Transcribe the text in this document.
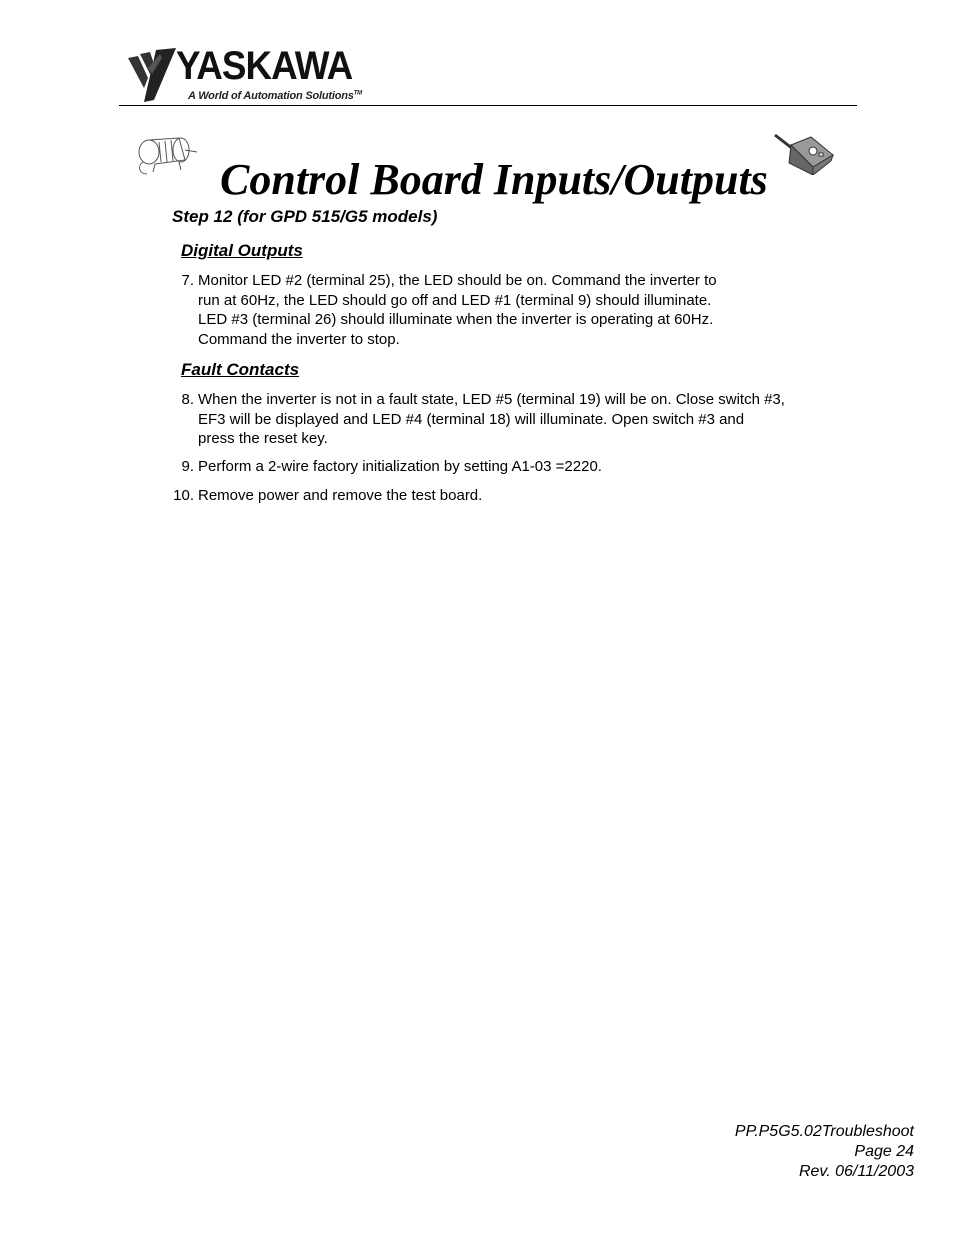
YASKAWA
A World of Automation Solutions™
Control Board Inputs/Outputs
Step 12 (for GPD 515/G5 models)
Digital Outputs
7. Monitor LED #2 (terminal 25), the LED should be on. Command the inverter to
run at 60Hz, the LED should go off and LED #1 (terminal 9) should illuminate.
LED #3 (terminal 26) should illuminate when the inverter is operating at 60Hz.
Command the inverter to stop.
Fault Contacts
8. When the inverter is not in a fault state, LED #5 (terminal 19) will be on. Close switch #3,
EF3 will be displayed and LED #4 (terminal 18) will illuminate. Open switch #3 and
press the reset key.
9. Perform a 2-wire factory initialization by setting A1-03 =2220.
10. Remove power and remove the test board.
PP.P5G5.02Troubleshoot
Page 24
Rev. 06/11/2003
